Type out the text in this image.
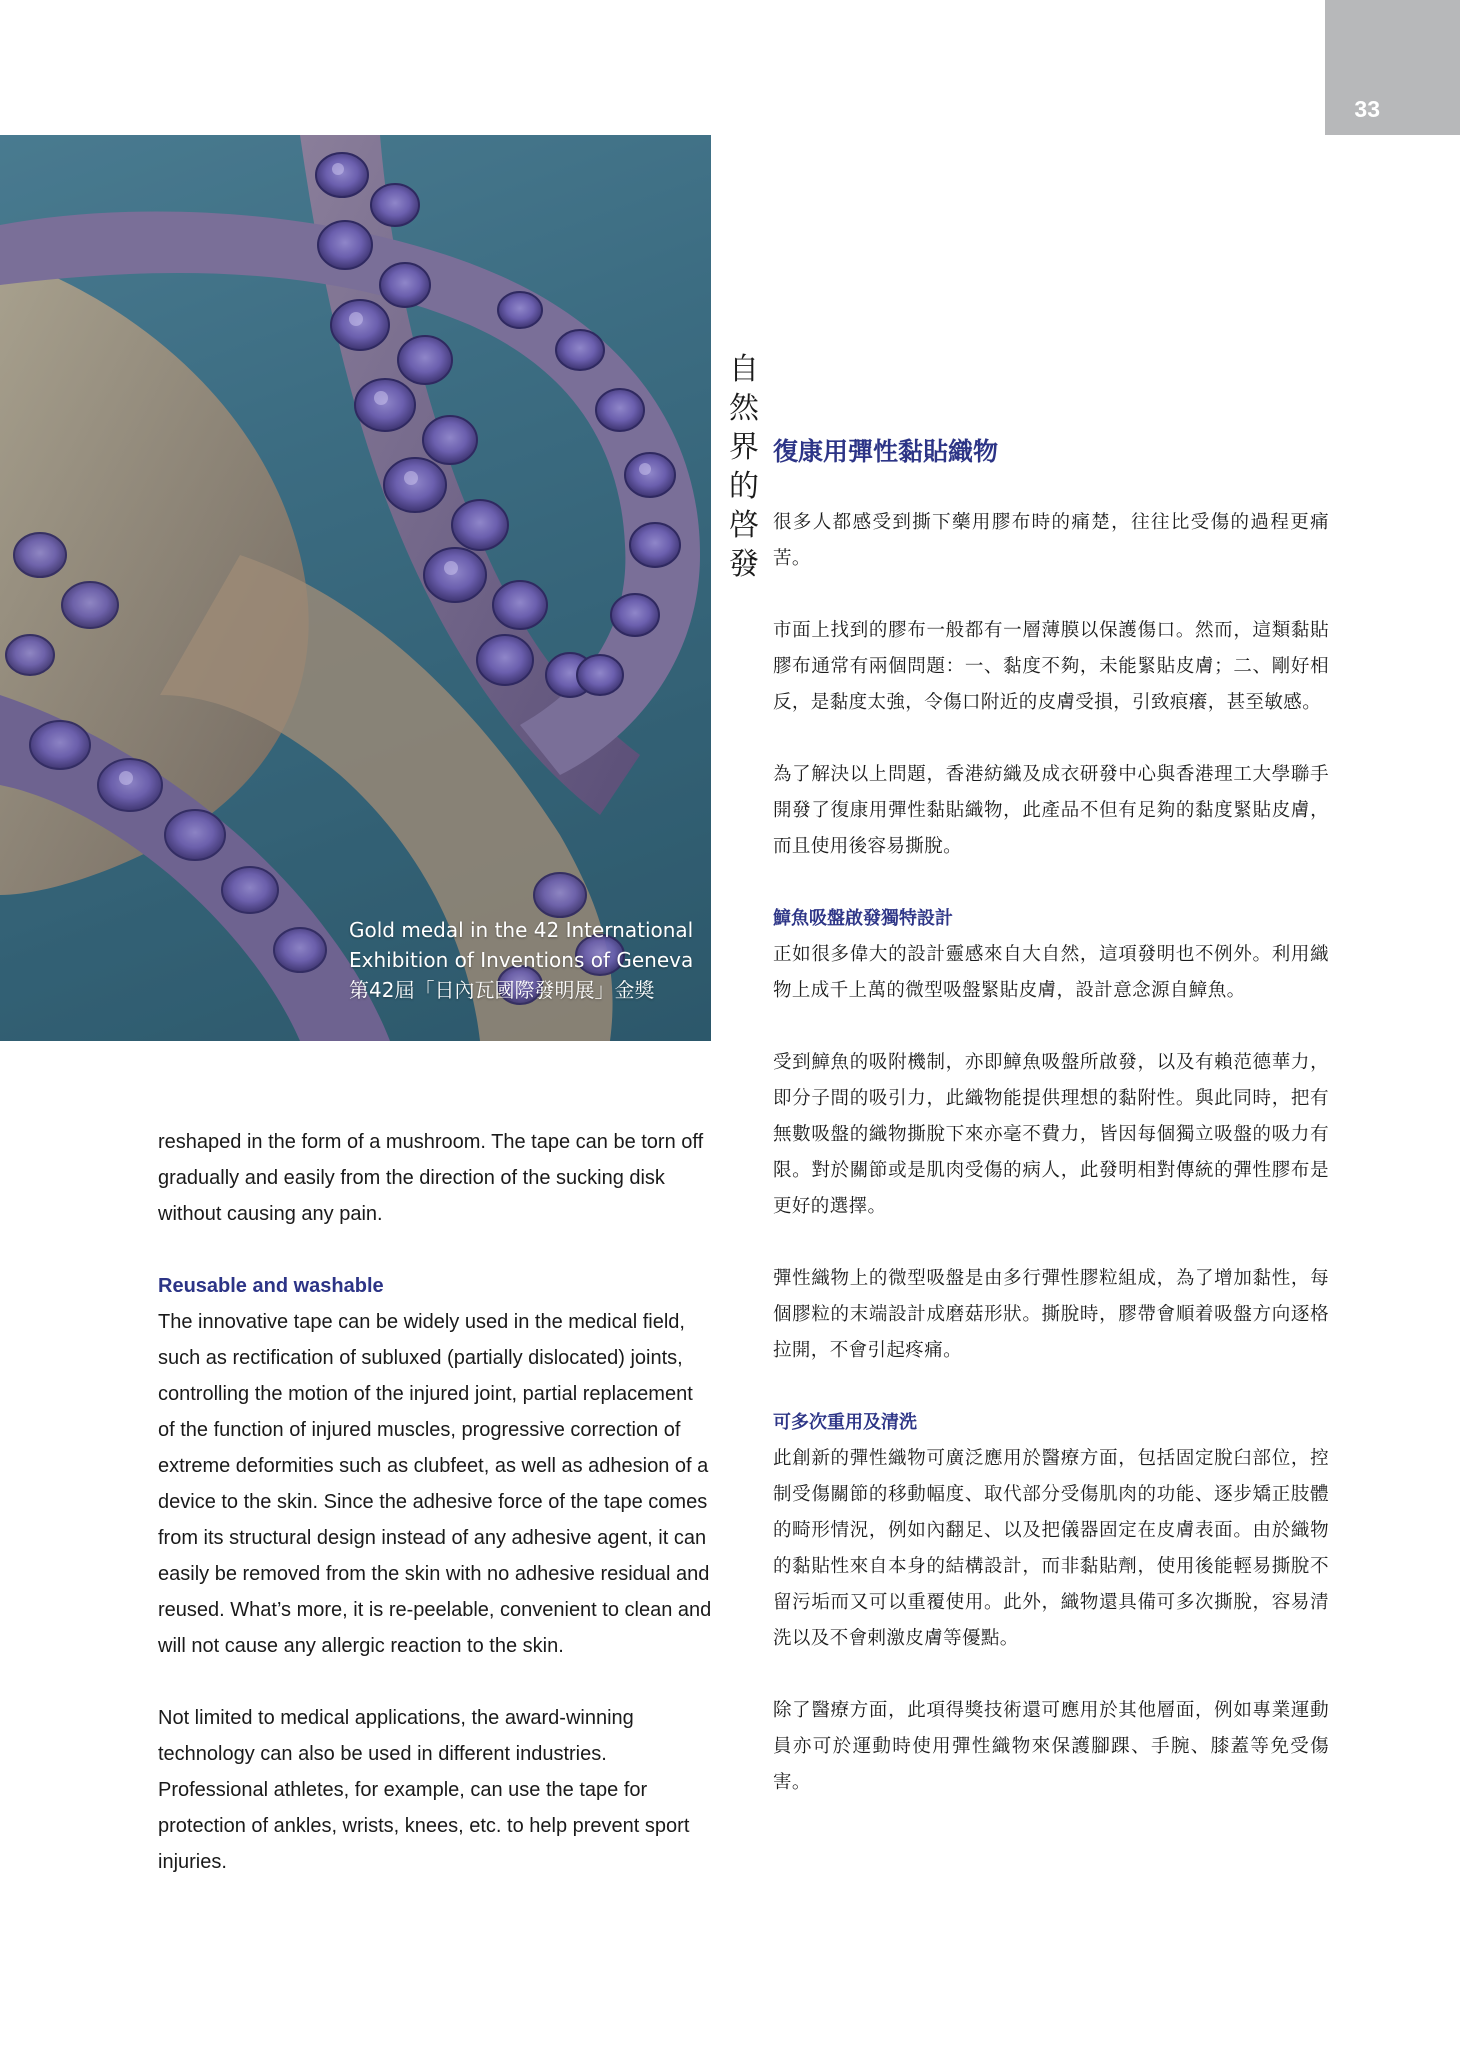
33
Gold medal in the 42 International
Exhibition of Inventions of Geneva
第42屆「日內瓦國際發明展」金獎
自
然
界
的
啓
發
復康用彈性黏貼織物

很多人都感受到撕下藥用膠布時的痛楚，往往比受傷的過程更痛苦。

市面上找到的膠布一般都有一層薄膜以保護傷口。然而，這類黏貼膠布通常有兩個問題：一、黏度不夠，未能緊貼皮膚；二、剛好相反，是黏度太強，令傷口附近的皮膚受損，引致痕癢，甚至敏感。

為了解決以上問題，香港紡織及成衣研發中心與香港理工大學聯手開發了復康用彈性黏貼織物，此產品不但有足夠的黏度緊貼皮膚，而且使用後容易撕脫。

鱆魚吸盤啟發獨特設計

正如很多偉大的設計靈感來自大自然，這項發明也不例外。利用織物上成千上萬的微型吸盤緊貼皮膚，設計意念源自鱆魚。

受到鱆魚的吸附機制，亦即鱆魚吸盤所啟發，以及有賴范德華力，即分子間的吸引力，此織物能提供理想的黏附性。與此同時，把有無數吸盤的織物撕脫下來亦毫不費力，皆因每個獨立吸盤的吸力有限。對於關節或是肌肉受傷的病人，此發明相對傳統的彈性膠布是更好的選擇。

彈性織物上的微型吸盤是由多行彈性膠粒組成，為了增加黏性，每個膠粒的末端設計成磨菇形狀。撕脫時，膠帶會順着吸盤方向逐格拉開，不會引起疼痛。

可多次重用及清洗

此創新的彈性織物可廣泛應用於醫療方面，包括固定脫臼部位，控制受傷關節的移動幅度、取代部分受傷肌肉的功能、逐步矯正肢體的畸形情況，例如內翻足、以及把儀器固定在皮膚表面。由於織物的黏貼性來自本身的結構設計，而非黏貼劑，使用後能輕易撕脫不留污垢而又可以重覆使用。此外，織物還具備可多次撕脫，容易清洗以及不會剌激皮膚等優點。

除了醫療方面，此項得獎技術還可應用於其他層面，例如專業運動員亦可於運動時使用彈性織物來保護腳踝、手腕、膝蓋等免受傷害。

reshaped in the form of a mushroom. The tape can be torn off gradually and easily from the direction of the sucking disk without causing any pain.

Reusable and washable

The innovative tape can be widely used in the medical field, such as rectification of subluxed (partially dislocated) joints, controlling the motion of the injured joint, partial replacement of the function of injured muscles, progressive correction of extreme deformities such as clubfeet, as well as adhesion of a device to the skin. Since the adhesive force of the tape comes from its structural design instead of any adhesive agent, it can easily be removed from the skin with no adhesive residual and reused. What’s more, it is re-peelable, convenient to clean and will not cause any allergic reaction to the skin.

Not limited to medical applications, the award-winning technology can also be used in different industries. Professional athletes, for example, can use the tape for protection of ankles, wrists, knees, etc. to help prevent sport injuries.
